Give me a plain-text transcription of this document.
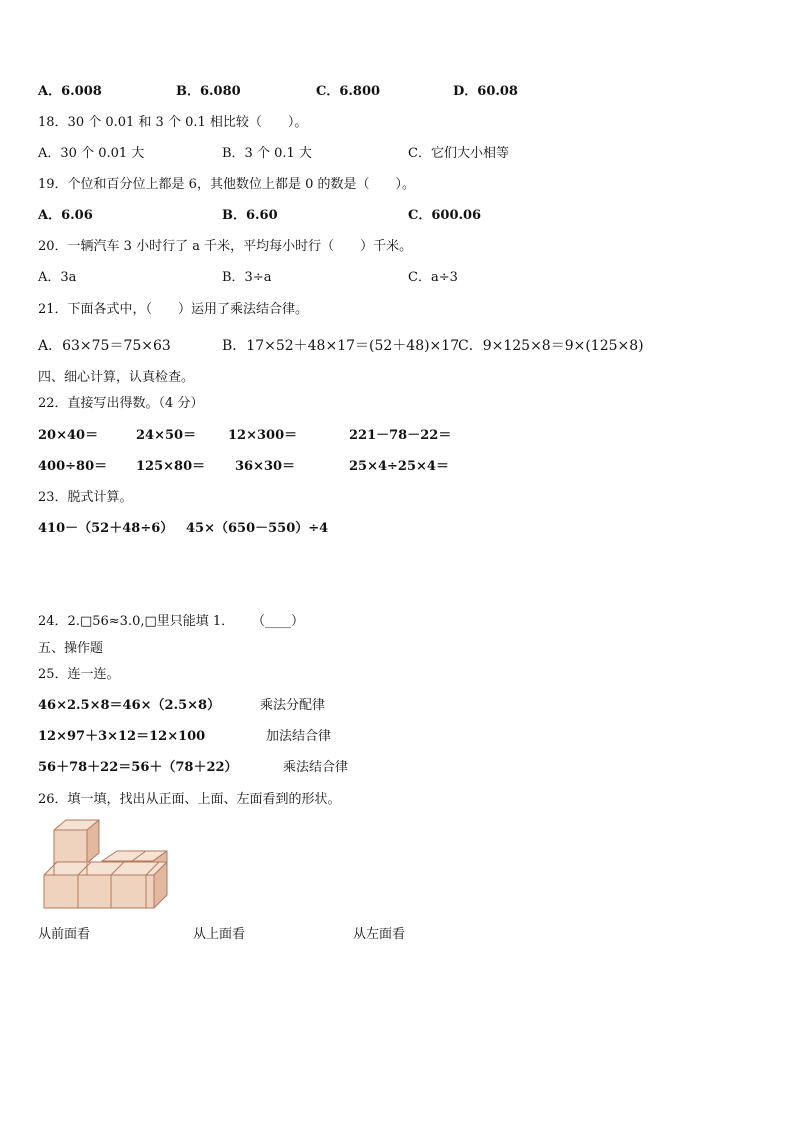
A．6.008	B．6.080	C．6.800	D．60.08
18．30 个 0.01 和 3 个 0.1 相比较（　　）。
A．30 个 0.01 大	B．3 个 0.1 大	C．它们大小相等
19．个位和百分位上都是 6，其他数位上都是 0 的数是（　　）。
A．6.06	B．6.60	C．600.06
20．一辆汽车 3 小时行了 a 千米，平均每小时行（　　）千米。
A．3a	B．3÷a	C．a÷3
21．下面各式中，（　　）运用了乘法结合律。
A．63×75＝75×63	B．17×52＋48×17＝(52＋48)×17
C．9×125×8＝9×(125×8)
四、细心计算，认真检查。
22．直接写出得数。（4 分）
20×40＝	24×50＝ 12×300＝	221－78－22＝
400÷80＝ 125×80＝ 36×30＝	25×4÷25×4＝
23．脱式计算。
410－（52＋48÷6） 45×（650－550）÷4
24．2.□56≈3.0,□里只能填 1． （____）
五、操作题
25．连一连。
46×2.5×8＝46×（2.5×8）	乘法分配律
12×97＋3×12＝12×100	加法结合律
56＋78＋22＝56＋（78＋22）	乘法结合律
26．填一填，找出从正面、上面、左面看到的形状。
从前面看	从上面看	从左面看
